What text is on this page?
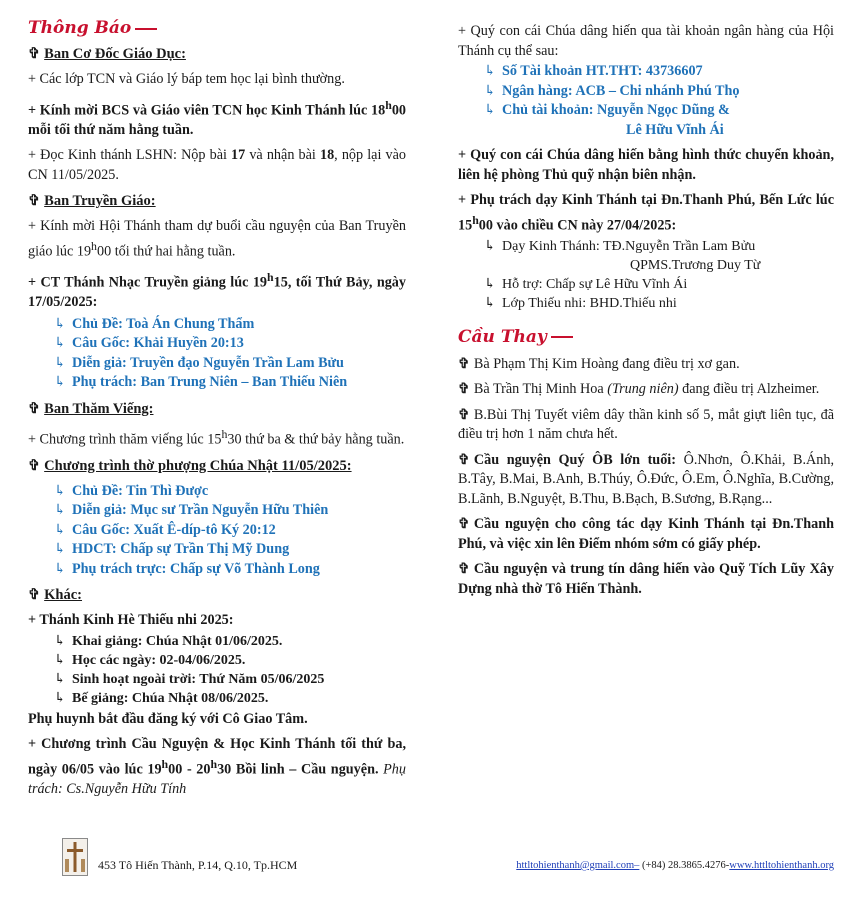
Thông Báo
✞ Ban Cơ Đốc Giáo Dục:
+ Các lớp TCN và Giáo lý báp tem học lại bình thường.
+ Kính mời BCS và Giáo viên TCN học Kinh Thánh lúc 18$^h$00 mỗi tối thứ năm hằng tuần.
+ Đọc Kinh thánh LSHN: Nộp bài 17 và nhận bài 18, nộp lại vào CN 11/05/2025.
✞ Ban Truyền Giáo:
+ Kính mời Hội Thánh tham dự buổi cầu nguyện của Ban Truyền giáo lúc 19$^h$00 tối thứ hai hằng tuần.
+ CT Thánh Nhạc Truyền giảng lúc 19$^h$15, tối Thứ Bảy, ngày 17/05/2025:
↳ Chủ Đề: Toà Án Chung Thẩm
↳ Câu Gốc: Khải Huyền 20:13
↳ Diễn giả: Truyền đạo Nguyễn Trần Lam Bửu
↳ Phụ trách: Ban Trung Niên – Ban Thiếu Niên
✞ Ban Thăm Viếng:
+ Chương trình thăm viếng lúc 15$^h$30 thứ ba & thứ bảy hằng tuần.
✞ Chương trình thờ phượng Chúa Nhật 11/05/2025:
↳ Chủ Đề: Tin Thì Được
↳ Diễn giả: Mục sư Trần Nguyễn Hữu Thiên
↳ Câu Gốc: Xuất Ê-díp-tô Ký 20:12
↳ HDCT: Chấp sự Trần Thị Mỹ Dung
↳ Phụ trách trực: Chấp sự Võ Thành Long
✞ Khác:
+ Thánh Kinh Hè Thiếu nhi 2025:
↳ Khai giảng: Chúa Nhật 01/06/2025.
↳ Học các ngày: 02-04/06/2025.
↳ Sinh hoạt ngoài trời: Thứ Năm 05/06/2025
↳ Bế giảng: Chúa Nhật 08/06/2025.
Phụ huynh bắt đầu đăng ký với Cô Giao Tâm.
+ Chương trình Cầu Nguyện & Học Kinh Thánh tối thứ ba, ngày 06/05 vào lúc 19$^h$00 - 20$^h$30 Bồi linh – Cầu nguyện. Phụ trách: Cs.Nguyễn Hữu Tính
+ Quý con cái Chúa dâng hiến qua tài khoản ngân hàng của Hội Thánh cụ thể sau:
↳ Số Tài khoản HT.THT: 43736607
↳ Ngân hàng: ACB – Chi nhánh Phú Thọ
↳ Chủ tài khoản: Nguyễn Ngọc Dũng &
Lê Hữu Vĩnh Ái
+ Quý con cái Chúa dâng hiến bằng hình thức chuyển khoản, liên hệ phòng Thủ quỹ nhận biên nhận.
+ Phụ trách dạy Kinh Thánh tại Đn.Thanh Phú, Bến Lức lúc 15$^h$00 vào chiều CN này 27/04/2025:
↳ Dạy Kinh Thánh: TĐ.Nguyễn Trần Lam Bửu
QPMS.Trương Duy Từ
↳ Hỗ trợ: Chấp sự Lê Hữu Vĩnh Ái
↳ Lớp Thiếu nhi: BHD.Thiếu nhi
Cầu Thay
✞ Bà Phạm Thị Kim Hoàng đang điều trị xơ gan.
✞ Bà Trần Thị Minh Hoa (Trung niên) đang điều trị Alzheimer.
✞ B.Bùi Thị Tuyết viêm dây thần kinh số 5, mắt giựt liên tục, đã điều trị hơn 1 năm chưa hết.
✞ Cầu nguyện Quý ÔB lớn tuổi: Ô.Nhơn, Ô.Khải, B.Ánh, B.Tây, B.Mai, B.Anh, B.Thúy, Ô.Đức, Ô.Em, Ô.Nghĩa, B.Cường, B.Lãnh, B.Nguyệt, B.Thu, B.Bạch, B.Sương, B.Rạng...
✞ Cầu nguyện cho công tác dạy Kinh Thánh tại Đn.Thanh Phú, và việc xin lên Điểm nhóm sớm có giấy phép.
✞ Cầu nguyện và trung tín dâng hiến vào Quỹ Tích Lũy Xây Dựng nhà thờ Tô Hiến Thành.
453 Tô Hiến Thành, P.14, Q.10, Tp.HCM	httltohienthanh@gmail.com– (+84) 28.3865.4276-www.httltohienthanh.org
